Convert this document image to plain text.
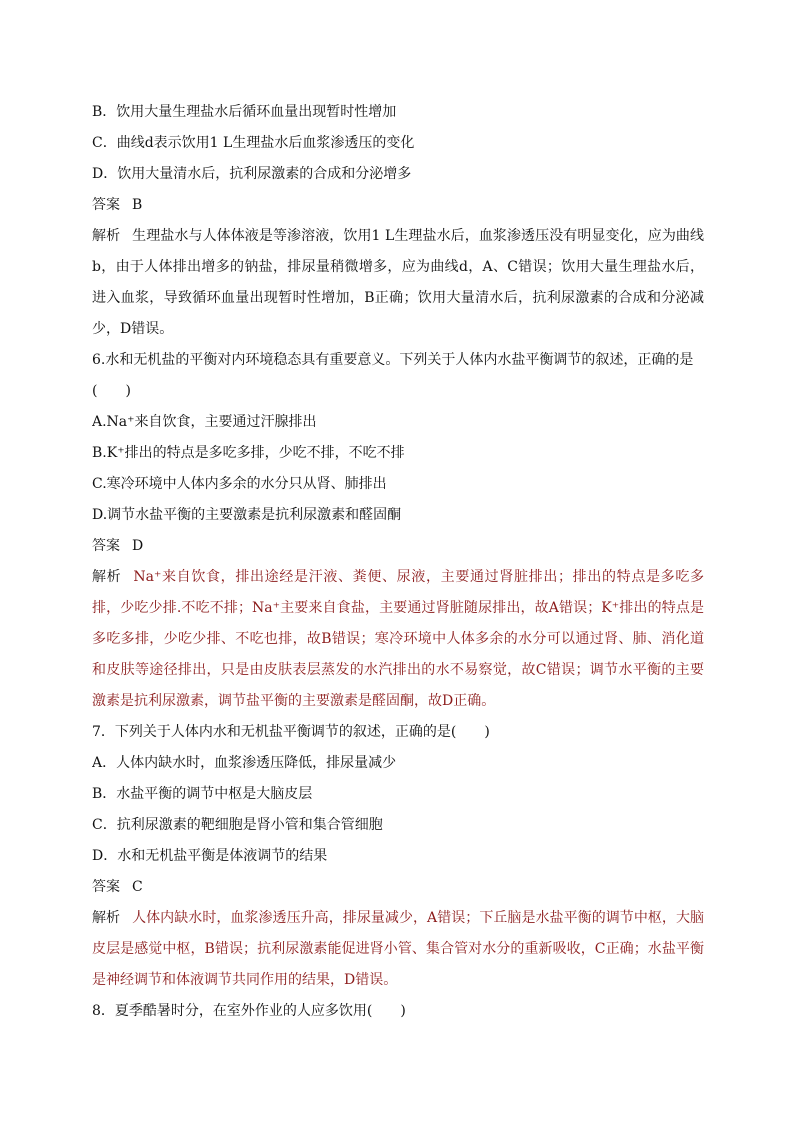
B．饮用大量生理盐水后循环血量出现暂时性增加
C．曲线d表示饮用1 L生理盐水后血浆渗透压的变化
D．饮用大量清水后，抗利尿激素的合成和分泌增多
答案 B
解析 生理盐水与人体体液是等渗溶液，饮用1 L生理盐水后，血浆渗透压没有明显变化，应为曲线b，由于人体排出增多的钠盐，排尿量稍微增多，应为曲线d，A、C错误；饮用大量生理盐水后，进入血浆，导致循环血量出现暂时性增加，B正确；饮用大量清水后，抗利尿激素的合成和分泌减少，D错误。
6.水和无机盐的平衡对内环境稳态具有重要意义。下列关于人体内水盐平衡调节的叙述，正确的是
(　　)
A.Na⁺来自饮食，主要通过汗腺排出
B.K⁺排出的特点是多吃多排，少吃不排，不吃不排
C.寒冷环境中人体内多余的水分只从肾、肺排出
D.调节水盐平衡的主要激素是抗利尿激素和醛固酮
答案 D
解析 Na⁺来自饮食，排出途经是汗液、粪便、尿液，主要通过肾脏排出；排出的特点是多吃多排，少吃少排.不吃不排；Na⁺主要来自食盐，主要通过肾脏随尿排出，故A错误；K⁺排出的特点是多吃多排，少吃少排、不吃也排，故B错误；寒冷环境中人体多余的水分可以通过肾、肺、消化道和皮肤等途径排出，只是由皮肤表层蒸发的水汽排出的水不易察觉，故C错误；调节水平衡的主要激素是抗利尿激素，调节盐平衡的主要激素是醛固酮，故D正确。
7．下列关于人体内水和无机盐平衡调节的叙述，正确的是(　　)
A．人体内缺水时，血浆渗透压降低，排尿量减少
B．水盐平衡的调节中枢是大脑皮层
C．抗利尿激素的靶细胞是肾小管和集合管细胞
D．水和无机盐平衡是体液调节的结果
答案 C
解析 人体内缺水时，血浆渗透压升高，排尿量减少，A错误；下丘脑是水盐平衡的调节中枢，大脑皮层是感觉中枢，B错误；抗利尿激素能促进肾小管、集合管对水分的重新吸收，C正确；水盐平衡是神经调节和体液调节共同作用的结果，D错误。
8．夏季酷暑时分，在室外作业的人应多饮用(　　)
